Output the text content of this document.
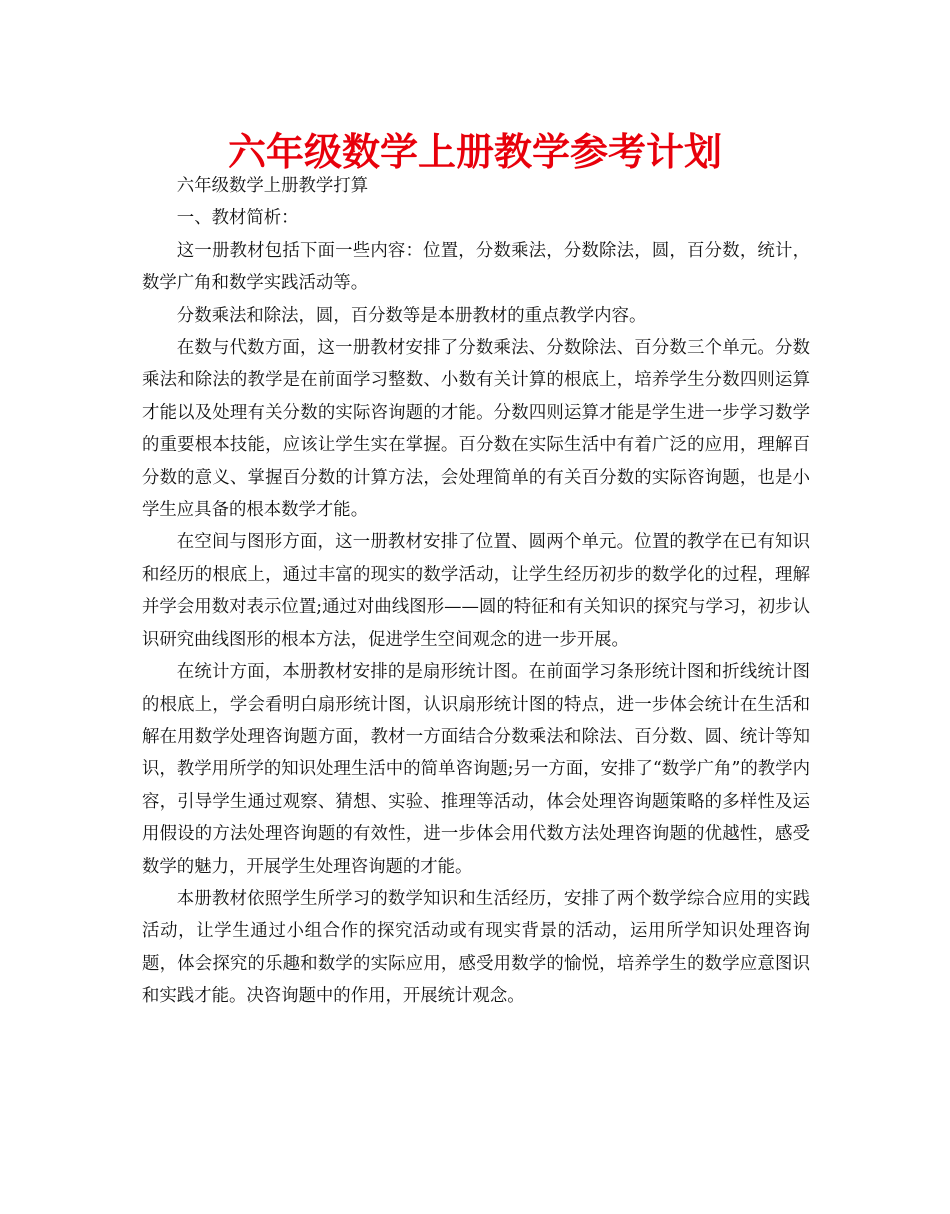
六年级数学上册教学参考计划

六年级数学上册教学打算

一、教材简析：

这一册教材包括下面一些内容：位置，分数乘法，分数除法，圆，百分数，统计，数学广角和数学实践活动等。

分数乘法和除法，圆，百分数等是本册教材的重点教学内容。

在数与代数方面，这一册教材安排了分数乘法、分数除法、百分数三个单元。分数乘法和除法的教学是在前面学习整数、小数有关计算的根底上，培养学生分数四则运算才能以及处理有关分数的实际咨询题的才能。分数四则运算才能是学生进一步学习数学的重要根本技能，应该让学生实在掌握。百分数在实际生活中有着广泛的应用，理解百分数的意义、掌握百分数的计算方法，会处理简单的有关百分数的实际咨询题，也是小学生应具备的根本数学才能。

在空间与图形方面，这一册教材安排了位置、圆两个单元。位置的教学在已有知识和经历的根底上，通过丰富的现实的数学活动，让学生经历初步的数学化的过程，理解并学会用数对表示位置;通过对曲线图形——圆的特征和有关知识的探究与学习，初步认识研究曲线图形的根本方法，促进学生空间观念的进一步开展。

在统计方面，本册教材安排的是扇形统计图。在前面学习条形统计图和折线统计图的根底上，学会看明白扇形统计图，认识扇形统计图的特点，进一步体会统计在生活和解在用数学处理咨询题方面，教材一方面结合分数乘法和除法、百分数、圆、统计等知识，教学用所学的知识处理生活中的简单咨询题;另一方面，安排了“数学广角”的教学内容，引导学生通过观察、猜想、实验、推理等活动，体会处理咨询题策略的多样性及运用假设的方法处理咨询题的有效性，进一步体会用代数方法处理咨询题的优越性，感受数学的魅力，开展学生处理咨询题的才能。

本册教材依照学生所学习的数学知识和生活经历，安排了两个数学综合应用的实践活动，让学生通过小组合作的探究活动或有现实背景的活动，运用所学知识处理咨询题，体会探究的乐趣和数学的实际应用，感受用数学的愉悦，培养学生的数学应意图识和实践才能。决咨询题中的作用，开展统计观念。
